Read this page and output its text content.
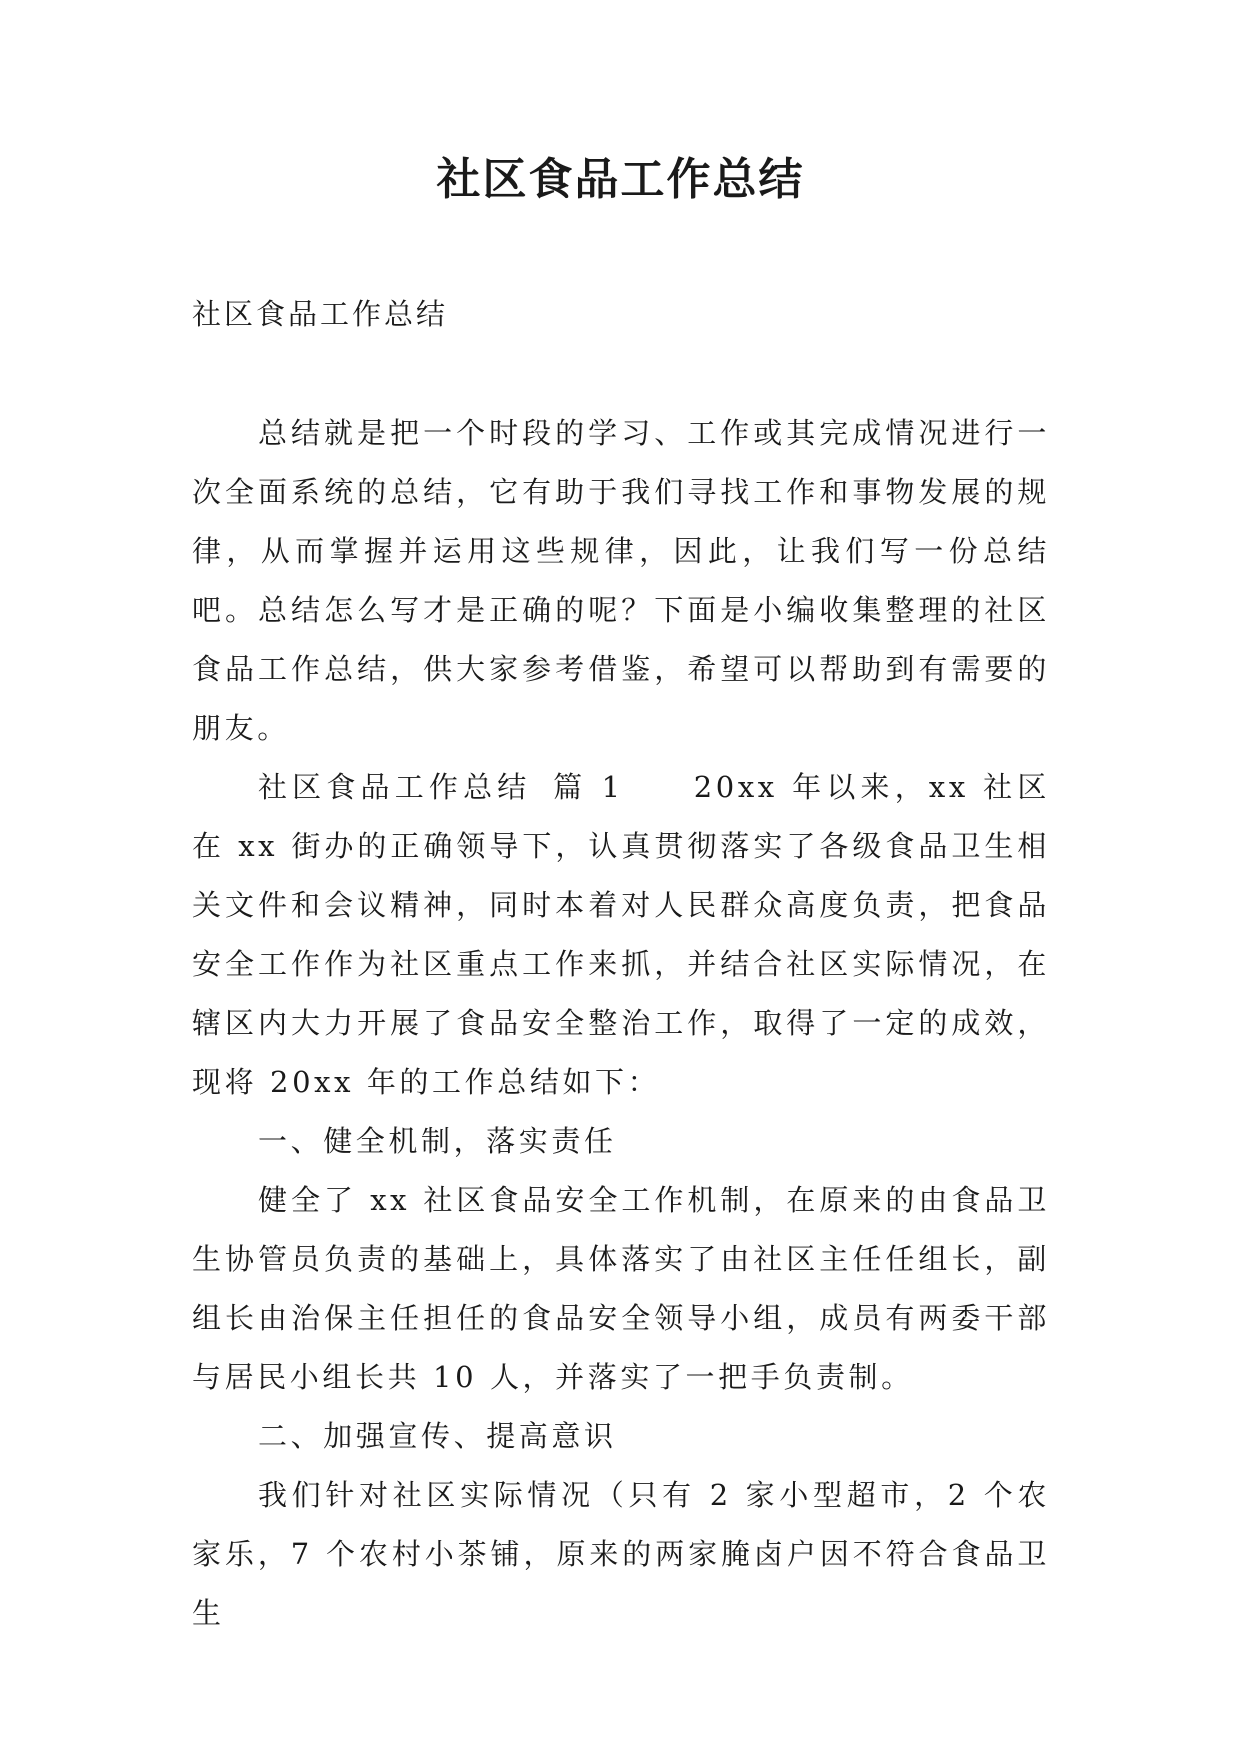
社区食品工作总结

社区食品工作总结

总结就是把一个时段的学习、工作或其完成情况进行一次全面系统的总结，它有助于我们寻找工作和事物发展的规律，从而掌握并运用这些规律，因此，让我们写一份总结吧。总结怎么写才是正确的呢？下面是小编收集整理的社区食品工作总结，供大家参考借鉴，希望可以帮助到有需要的朋友。

社区食品工作总结 篇 1 20xx 年以来，xx 社区在 xx 街办的正确领导下，认真贯彻落实了各级食品卫生相关文件和会议精神，同时本着对人民群众高度负责，把食品安全工作作为社区重点工作来抓，并结合社区实际情况，在辖区内大力开展了食品安全整治工作，取得了一定的成效，现将 20xx 年的工作总结如下：

一、健全机制，落实责任

健全了 xx 社区食品安全工作机制，在原来的由食品卫生协管员负责的基础上，具体落实了由社区主任任组长，副组长由治保主任担任的食品安全领导小组，成员有两委干部与居民小组长共 10 人，并落实了一把手负责制。

二、加强宣传、提高意识

我们针对社区实际情况（只有 2 家小型超市，2 个农家乐，7 个农村小茶铺，原来的两家腌卤户因不符合食品卫生
